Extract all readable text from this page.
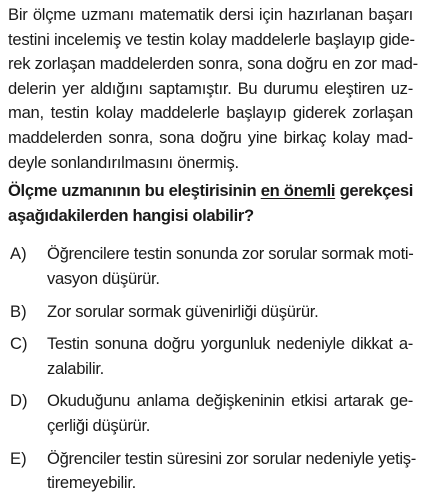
Bir ölçme uzmanı matematik dersi için hazırlanan başarı
testini incelemiş ve testin kolay maddelerle başlayıp gide-
rek zorlaşan maddelerden sonra, sona doğru en zor mad-
delerin yer aldığını saptamıştır. Bu durumu eleştiren uz-
man, testin kolay maddelerle başlayıp giderek zorlaşan
maddelerden sonra, sona doğru yine birkaç kolay mad-
deyle sonlandırılmasını önermiş.
Ölçme uzmanının bu eleştirisinin en önemli gerekçesi
aşağıdakilerden hangisi olabilir?
A) Öğrencilere testin sonunda zor sorular sormak moti-
vasyon düşürür.
B) Zor sorular sormak güvenirliği düşürür.
C) Testin sonuna doğru yorgunluk nedeniyle dikkat a-
zalabilir.
D) Okuduğunu anlama değişkeninin etkisi artarak ge-
çerliği düşürür.
E) Öğrenciler testin süresini zor sorular nedeniyle yetiş-
tiremeyebilir.
